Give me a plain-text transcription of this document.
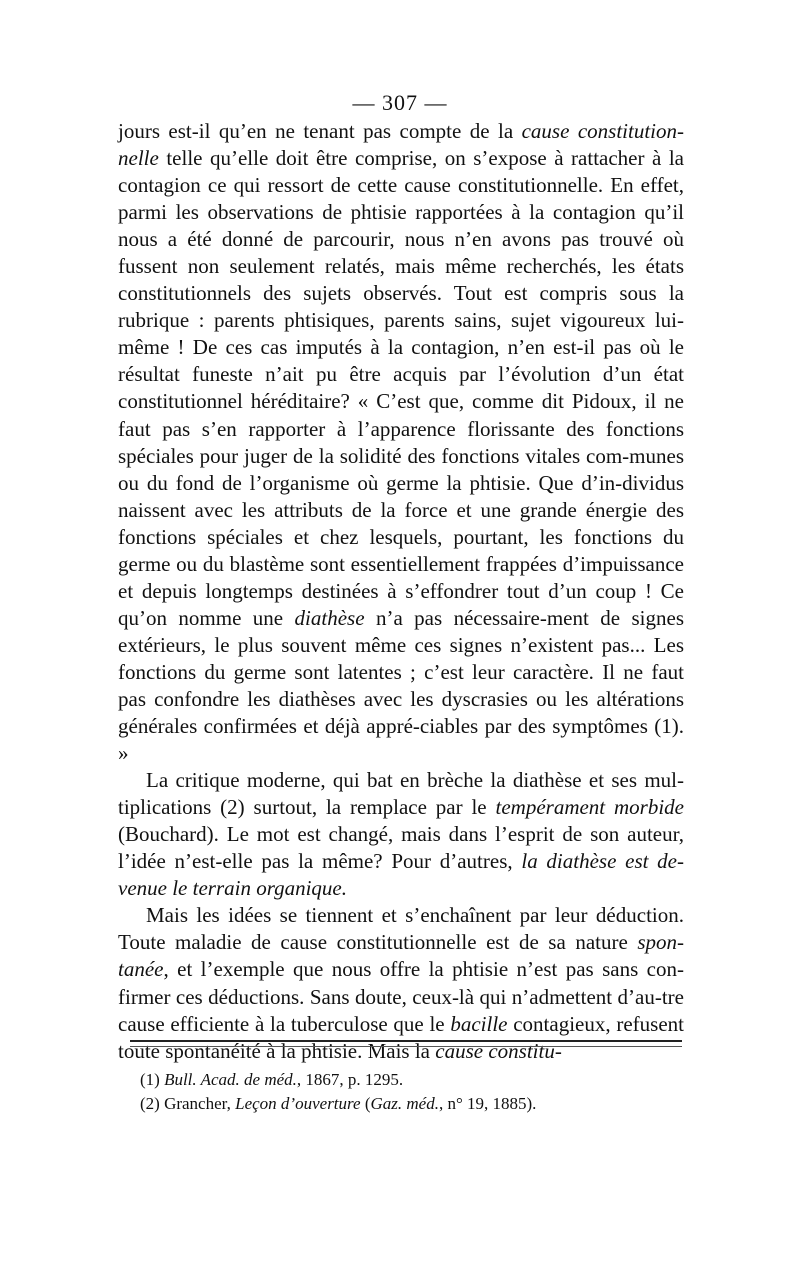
— 307 —

jours est-il qu’en ne tenant pas compte de la cause constitution-nelle telle qu’elle doit être comprise, on s’expose à rattacher à la contagion ce qui ressort de cette cause constitutionnelle. En effet, parmi les observations de phtisie rapportées à la contagion qu’il nous a été donné de parcourir, nous n’en avons pas trouvé où fussent non seulement relatés, mais même recherchés, les états constitutionnels des sujets observés. Tout est compris sous la rubrique : parents phtisiques, parents sains, sujet vigoureux lui-même ! De ces cas imputés à la contagion, n’en est-il pas où le résultat funeste n’ait pu être acquis par l’évolution d’un état constitutionnel héréditaire? « C’est que, comme dit Pidoux, il ne faut pas s’en rapporter à l’apparence florissante des fonctions spéciales pour juger de la solidité des fonctions vitales com-munes ou du fond de l’organisme où germe la phtisie. Que d’in-dividus naissent avec les attributs de la force et une grande énergie des fonctions spéciales et chez lesquels, pourtant, les fonctions du germe ou du blastème sont essentiellement frappées d’impuissance et depuis longtemps destinées à s’effondrer tout d’un coup ! Ce qu’on nomme une diathèse n’a pas nécessaire-ment de signes extérieurs, le plus souvent même ces signes n’existent pas... Les fonctions du germe sont latentes ; c’est leur caractère. Il ne faut pas confondre les diathèses avec les dyscrasies ou les altérations générales confirmées et déjà appré-ciables par des symptômes (1). »

La critique moderne, qui bat en brèche la diathèse et ses mul-tiplications (2) surtout, la remplace par le tempérament morbide (Bouchard). Le mot est changé, mais dans l’esprit de son auteur, l’idée n’est-elle pas la même? Pour d’autres, la diathèse est de-venue le terrain organique.

Mais les idées se tiennent et s’enchaînent par leur déduction. Toute maladie de cause constitutionnelle est de sa nature spon-tanée, et l’exemple que nous offre la phtisie n’est pas sans con-firmer ces déductions. Sans doute, ceux-là qui n’admettent d’au-tre cause efficiente à la tuberculose que le bacille contagieux, refusent toute spontanéité à la phtisie. Mais la cause constitu-

(1) Bull. Acad. de méd., 1867, p. 1295.
(2) Grancher, Leçon d’ouverture (Gaz. méd., n° 19, 1885).
